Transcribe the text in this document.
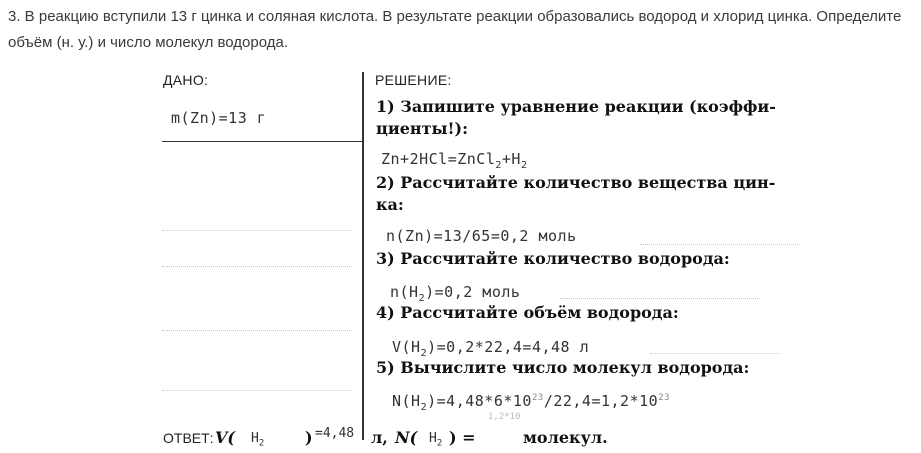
3. В реакцию вступили 13 г цинка и соляная кислота. В результате реакции образовались водород и хлорид цинка. Определите объём (н. у.) и число молекул водорода.
ДАНО:
m(Zn)=13 г
РЕШЕНИЕ:
1) Запишите уравнение реакции (коэффи-
циенты!):
$Zn+2HCl=ZnCl_2+H_2$
2) Рассчитайте количество вещества цин-
ка:
n(Zn)=13/65=0,2 моль
3) Рассчитайте количество водорода:
$n(H_2)=0,2$ моль
4) Рассчитайте объём водорода:
$V(H_2)=0,2*22,4=4,48$ л
5) Вычислите число молекул водорода:
$N(H_2)=4,48*6*10^{23}/22,4=1,2*10^{23}$
1,2*10
ОТВЕТ: V( $H_2$	) =4,48 л, N( $H_2$ ) =	молекул.
